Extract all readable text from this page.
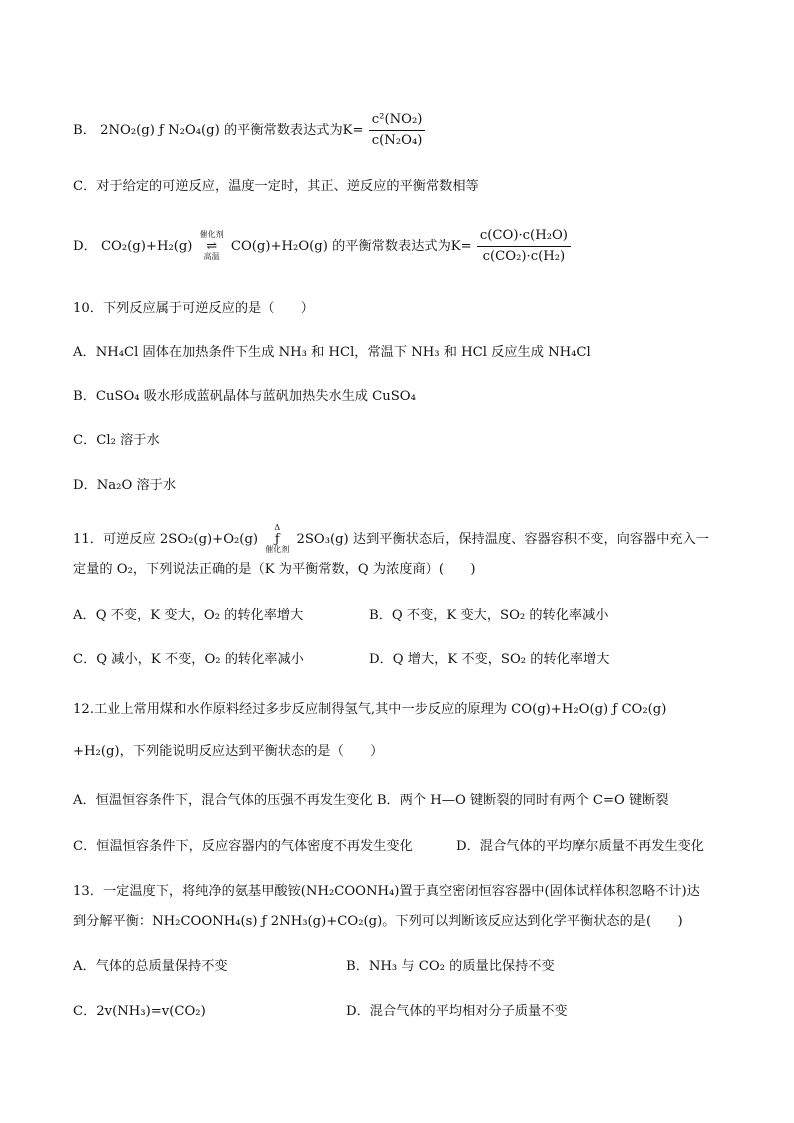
B． 2NO₂(g) ƒ N₂O₄(g) 的平衡常数表达式为$K= \frac{\text{c²(NO₂)}}{\text{c(N₂O₄)}}$
C．对于给定的可逆反应，温度一定时，其正、逆反应的平衡常数相等
D． CO₂(g)+H₂(g)
催化剂
⇌
高温
CO(g)+H₂O(g) 的平衡常数表达式为$K= \frac{\text{c(CO)·c(H₂O)}}{\text{c(CO₂)·c(H₂)}}$
10．下列反应属于可逆反应的是（　　）
A．NH₄Cl 固体在加热条件下生成 NH₃ 和 HCl，常温下 NH₃ 和 HCl 反应生成 NH₄Cl
B．CuSO₄ 吸水形成蓝矾晶体与蓝矾加热失水生成 CuSO₄
C．Cl₂ 溶于水
D．Na₂O 溶于水
11．可逆反应 2SO₂(g)+O₂(g)
Δ
ƒ
催化剂
2SO₃(g) 达到平衡状态后，保持温度、容器容积不变，向容器中充入一
定量的 O₂，下列说法正确的是（K 为平衡常数，Q 为浓度商）(　　)
A．Q 不变，K 变大，O₂ 的转化率增大	B．Q 不变，K 变大，SO₂ 的转化率减小
C．Q 减小，K 不变，O₂ 的转化率减小	D．Q 增大，K 不变，SO₂ 的转化率增大
12.工业上常用煤和水作原料经过多步反应制得氢气,其中一步反应的原理为 CO(g)+H₂O(g) ƒ CO₂(g)
+H₂(g)，下列能说明反应达到平衡状态的是（　　）
A．恒温恒容条件下，混合气体的压强不再发生变化 B．两个 H—O 键断裂的同时有两个 C=O 键断裂
C．恒温恒容条件下，反应容器内的气体密度不再发生变化	D．混合气体的平均摩尔质量不再发生变化
13．一定温度下，将纯净的氨基甲酸铵(NH₂COONH₄)置于真空密闭恒容容器中(固体试样体积忽略不计)达
到分解平衡：NH₂COONH₄(s) ƒ 2NH₃(g)+CO₂(g)。下列可以判断该反应达到化学平衡状态的是(　　)
A．气体的总质量保持不变	B．NH₃ 与 CO₂ 的质量比保持不变
C．2v(NH₃)=v(CO₂)	D．混合气体的平均相对分子质量不变
